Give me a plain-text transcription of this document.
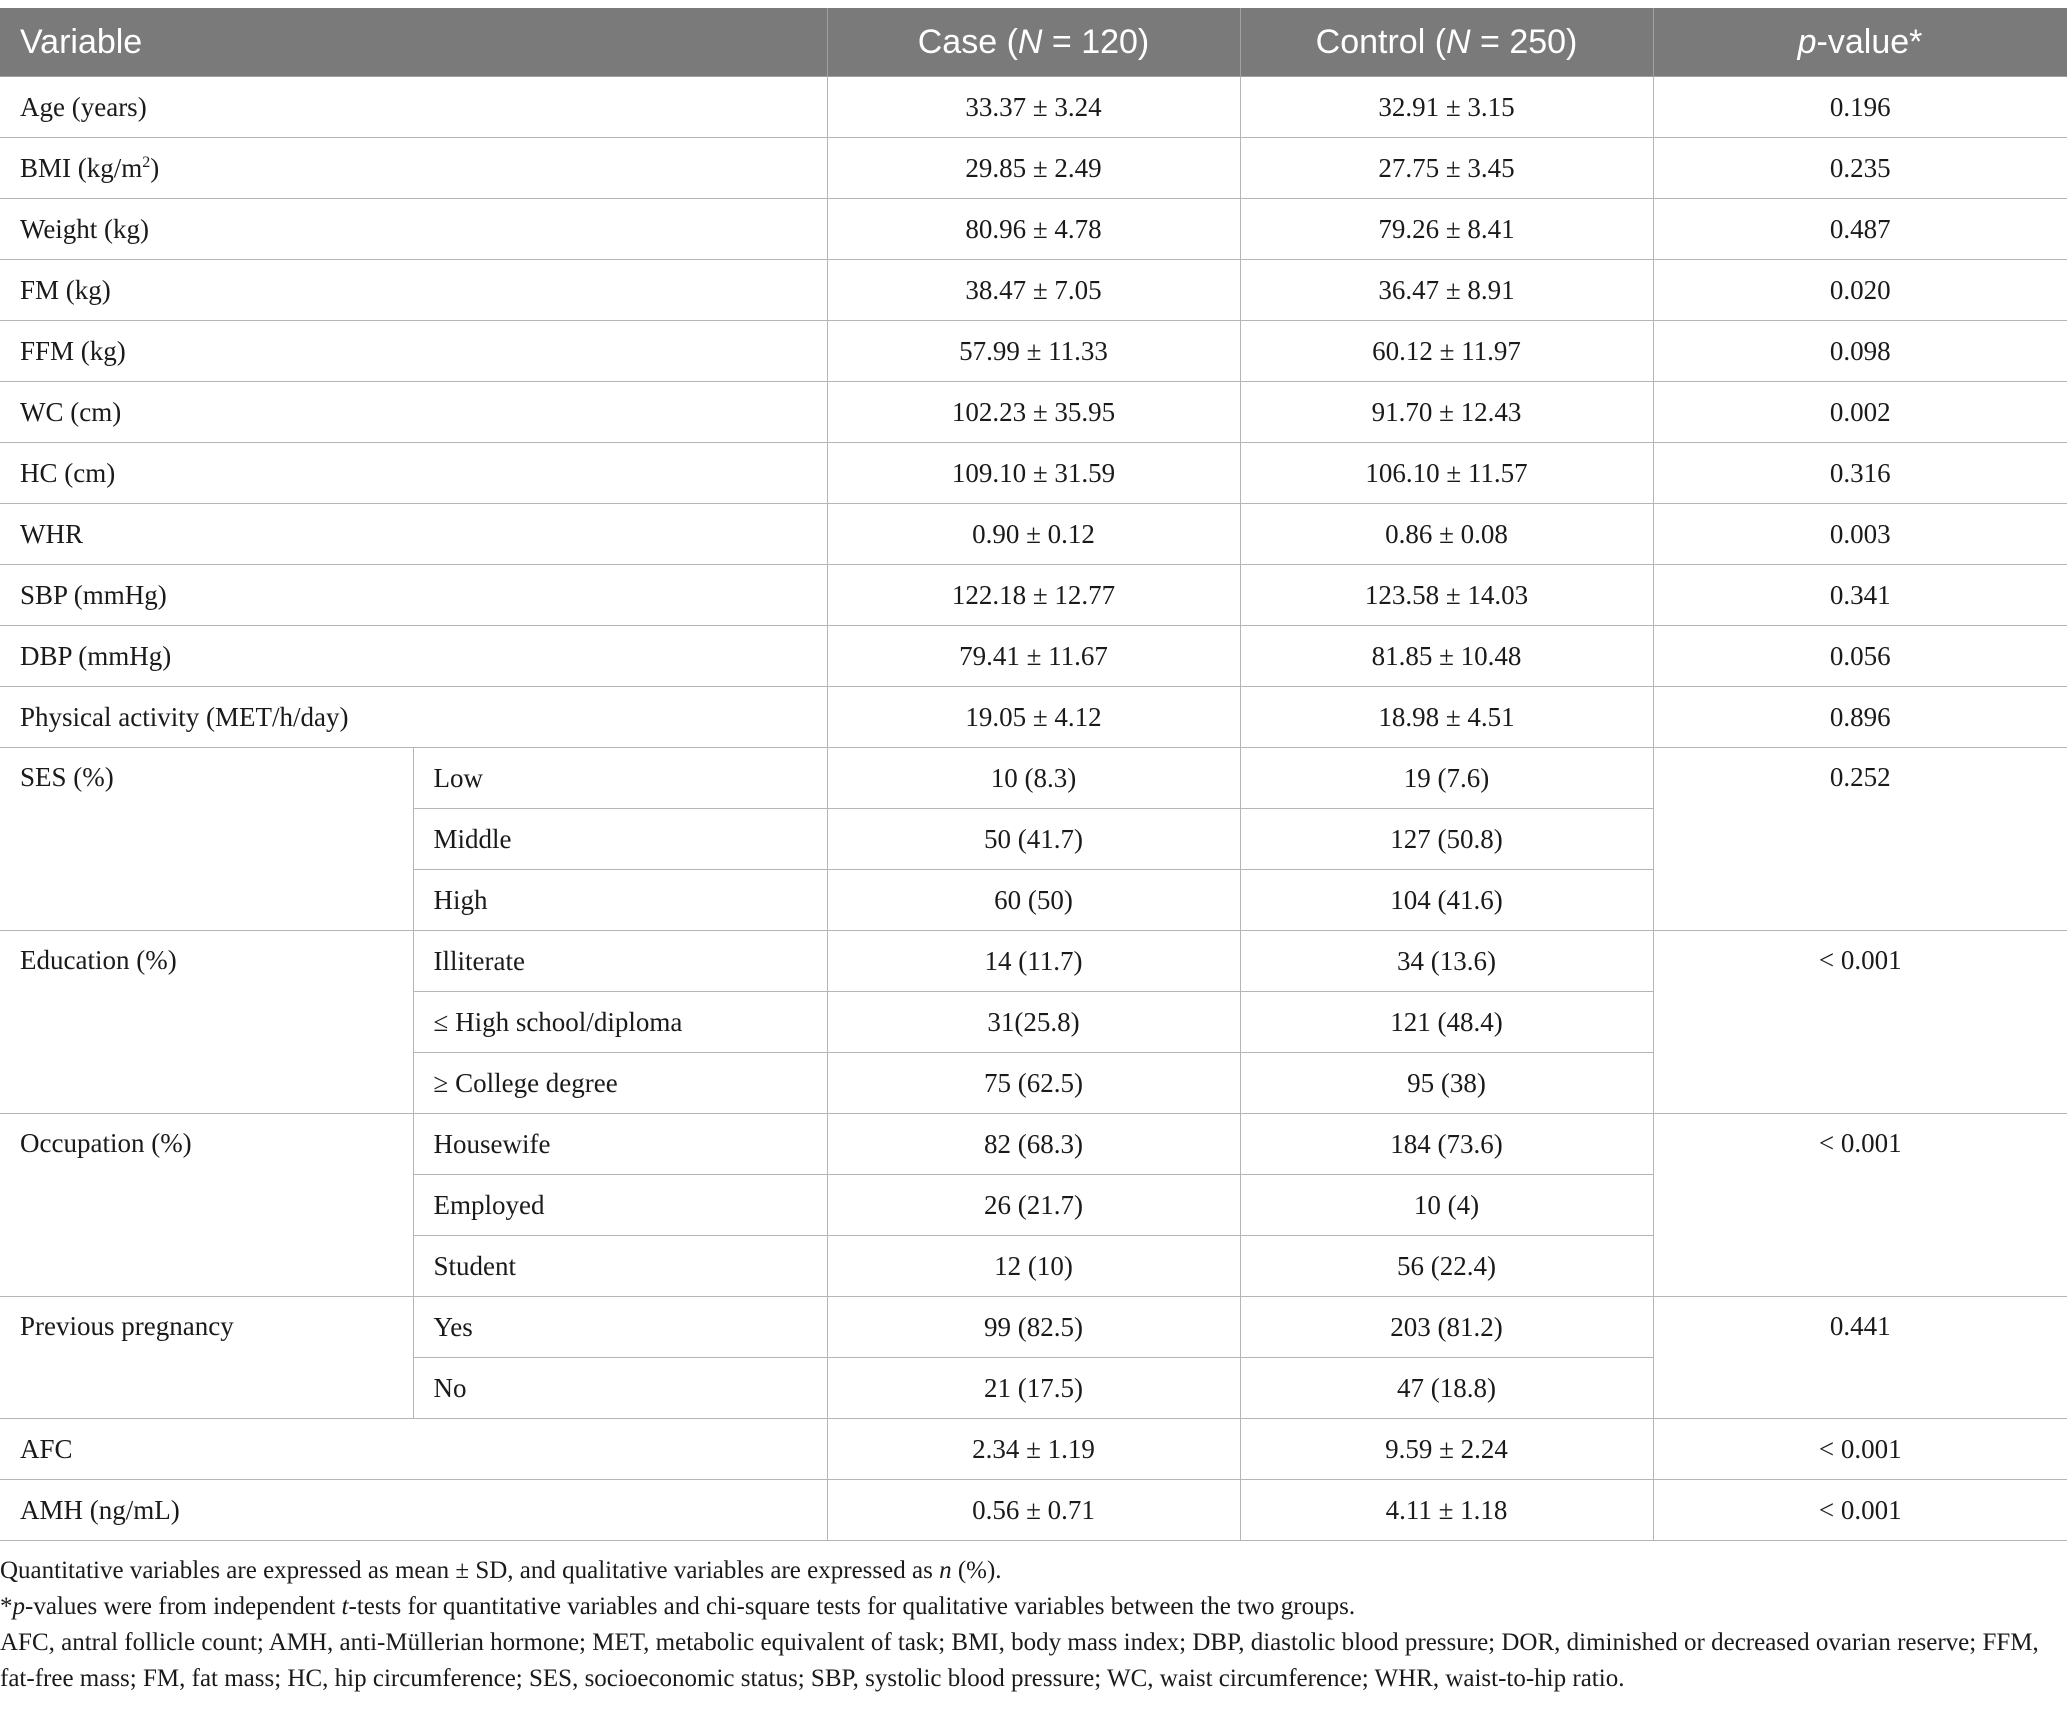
Variable		Case (N = 120)	Control (N = 250)	p-value*
Age (years)		33.37 ± 3.24	32.91 ± 3.15	0.196
BMI $(kg/m^2)$		29.85 ± 2.49	27.75 ± 3.45	0.235
Weight (kg)		80.96 ± 4.78	79.26 ± 8.41	0.487
FM (kg)		38.47 ± 7.05	36.47 ± 8.91	0.020
FFM (kg)		57.99 ± 11.33	60.12 ± 11.97	0.098
WC (cm)		102.23 ± 35.95	91.70 ± 12.43	0.002
HC (cm)		109.10 ± 31.59	106.10 ± 11.57	0.316
WHR		0.90 ± 0.12	0.86 ± 0.08	0.003
SBP (mmHg)		122.18 ± 12.77	123.58 ± 14.03	0.341
DBP (mmHg)		79.41 ± 11.67	81.85 ± 10.48	0.056
Physical activity (MET/h/day)		19.05 ± 4.12	18.98 ± 4.51	0.896
SES (%)	Low	10 (8.3)	19 (7.6)	0.252
	Middle	50 (41.7)	127 (50.8)	
	High	60 (50)	104 (41.6)	
Education (%)	Illiterate	14 (11.7)	34 (13.6)	< 0.001
	≤ High school/diploma	31(25.8)	121 (48.4)	
	≥ College degree	75 (62.5)	95 (38)	
Occupation (%)	Housewife	82 (68.3)	184 (73.6)	< 0.001
	Employed	26 (21.7)	10 (4)	
	Student	12 (10)	56 (22.4)	
Previous pregnancy	Yes	99 (82.5)	203 (81.2)	0.441
	No	21 (17.5)	47 (18.8)	
AFC		2.34 ± 1.19	9.59 ± 2.24	< 0.001
AMH (ng/mL)		0.56 ± 0.71	4.11 ± 1.18	< 0.001

Quantitative variables are expressed as mean ± SD, and qualitative variables are expressed as n (%).

*p-values were from independent t-tests for quantitative variables and chi-square tests for qualitative variables between the two groups.

AFC, antral follicle count; AMH, anti-Müllerian hormone; MET, metabolic equivalent of task; BMI, body mass index; DBP, diastolic blood pressure; DOR, diminished or decreased ovarian reserve; FFM, fat-free mass; FM, fat mass; HC, hip circumference; SES, socioeconomic status; SBP, systolic blood pressure; WC, waist circumference; WHR, waist-to-hip ratio.
